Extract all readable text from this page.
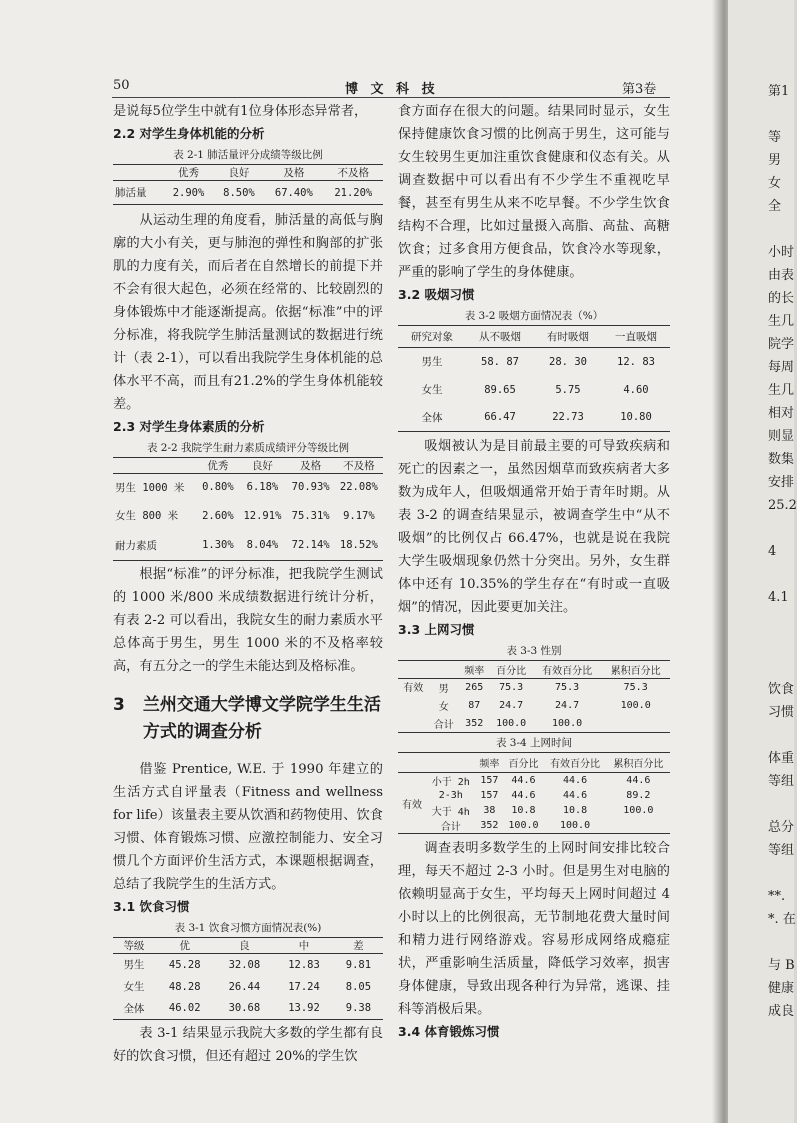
50	博 文 科 技	第3卷

是说每5位学生中就有1位身体形态异常者，

2.2 对学生身体机能的分析

表 2-1 肺活量评分成绩等级比例
	优秀	良好	及格	不及格
肺活量	2.90%	8.50%	67.40%	21.20%

从运动生理的角度看，肺活量的高低与胸廓的大小有关，更与肺泡的弹性和胸部的扩张肌的力度有关，而后者在自然增长的前提下并不会有很大起色，必须在经常的、比较剧烈的身体锻炼中才能逐渐提高。依据“标准”中的评分标准，将我院学生肺活量测试的数据进行统计（表 2-1），可以看出我院学生身体机能的总体水平不高，而且有21.2%的学生身体机能较差。

2.3 对学生身体素质的分析

表 2-2 我院学生耐力素质成绩评分等级比例
	优秀	良好	及格	不及格
男生 1000 米	0.80%	6.18%	70.93%	22.08%
女生 800 米	2.60%	12.91%	75.31%	9.17%
耐力素质	1.30%	8.04%	72.14%	18.52%

根据“标准”的评分标准，把我院学生测试的 1000 米/800 米成绩数据进行统计分析，有表 2-2 可以看出，我院女生的耐力素质水平总体高于男生，男生 1000 米的不及格率较高，有五分之一的学生未能达到及格标准。

3 兰州交通大学博文学院学生生活方式的调查分析

借鉴 Prentice, W.E. 于 1990 年建立的生活方式自评量表（Fitness and wellness for life）该量表主要从饮酒和药物使用、饮食习惯、体育锻炼习惯、应激控制能力、安全习惯几个方面评价生活方式，本课题根据调查，总结了我院学生的生活方式。

3.1 饮食习惯

表 3-1 饮食习惯方面情况表(%)
等级	优	良	中	差
男生	45.28	32.08	12.83	9.81
女生	48.28	26.44	17.24	8.05
全体	46.02	30.68	13.92	9.38

表 3-1 结果显示我院大多数的学生都有良好的饮食习惯，但还有超过 20%的学生饮

食方面存在很大的问题。结果同时显示，女生保持健康饮食习惯的比例高于男生，这可能与女生较男生更加注重饮食健康和仪态有关。从调查数据中可以看出有不少学生不重视吃早餐，甚至有男生从来不吃早餐。不少学生饮食结构不合理，比如过量摄入高脂、高盐、高糖饮食；过多食用方便食品，饮食冷水等现象，严重的影响了学生的身体健康。

3.2 吸烟习惯

表 3-2 吸烟方面情况表（%）
研究对象	从不吸烟	有时吸烟	一直吸烟
男生	58. 87	28. 30	12. 83
女生	89.65	5.75	4.60
全体	66.47	22.73	10.80

吸烟被认为是目前最主要的可导致疾病和死亡的因素之一，虽然因烟草而致疾病者大多数为成年人，但吸烟通常开始于青年时期。从表 3-2 的调查结果显示，被调查学生中“从不吸烟”的比例仅占 66.47%，也就是说在我院大学生吸烟现象仍然十分突出。另外，女生群体中还有 10.35%的学生存在“有时或一直吸烟”的情况，因此要更加关注。

3.3 上网习惯

表 3-3 性别
		频率	百分比	有效百分比	累积百分比
有效	男	265	75.3	75.3	75.3
	女	87	24.7	24.7	100.0
	合计	352	100.0	100.0	
表 3-4 上网时间
		频率	百分比	有效百分比	累积百分比
有效	小于 2h	157	44.6	44.6	44.6
	2-3h	157	44.6	44.6	89.2
	大于 4h	38	10.8	10.8	100.0
	合计	352	100.0	100.0	

调查表明多数学生的上网时间安排比较合理，每天不超过 2-3 小时。但是男生对电脑的依赖明显高于女生，平均每天上网时间超过 4 小时以上的比例很高，无节制地花费大量时间和精力进行网络游戏。容易形成网络成瘾症状，严重影响生活质量，降低学习效率，损害身体健康，导致出现各种行为异常，逃课、挂科等消极后果。

3.4 体育锻炼习惯

第1

等
男
女
全

小时
由表
的长
生几
院学
每周
生几
相对
则显
数集
安排
25.2

4

4.1

饮食
习惯

体重
等组

总分
等组

**.
*. 在

与 B
健康
成良
